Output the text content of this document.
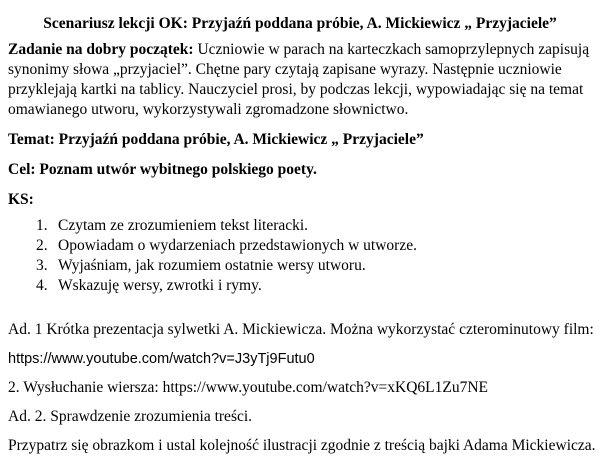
Scenariusz lekcji OK: Przyjaźń poddana próbie, A. Mickiewicz „ Przyjaciele”
Zadanie na dobry początek: Uczniowie w parach na karteczkach samoprzylepnych zapisują
synonimy słowa „przyjaciel”. Chętne pary czytają zapisane wyrazy. Następnie uczniowie
przyklejają kartki na tablicy. Nauczyciel prosi, by podczas lekcji, wypowiadając się na temat
omawianego utworu, wykorzystywali zgromadzone słownictwo.
Temat: Przyjaźń poddana próbie, A. Mickiewicz „ Przyjaciele”
Cel: Poznam utwór wybitnego polskiego poety.
KS:
1. Czytam ze zrozumieniem tekst literacki.
2. Opowiadam o wydarzeniach przedstawionych w utworze.
3. Wyjaśniam, jak rozumiem ostatnie wersy utworu.
4. Wskazuję wersy, zwrotki i rymy.
Ad. 1 Krótka prezentacja sylwetki A. Mickiewicza. Można wykorzystać czterominutowy film:
https://www.youtube.com/watch?v=J3yTj9Futu0
2. Wysłuchanie wiersza: https://www.youtube.com/watch?v=xKQ6L1Zu7NE
Ad. 2. Sprawdzenie zrozumienia treści.
Przypatrz się obrazkom i ustal kolejność ilustracji zgodnie z treścią bajki Adama Mickiewicza.
